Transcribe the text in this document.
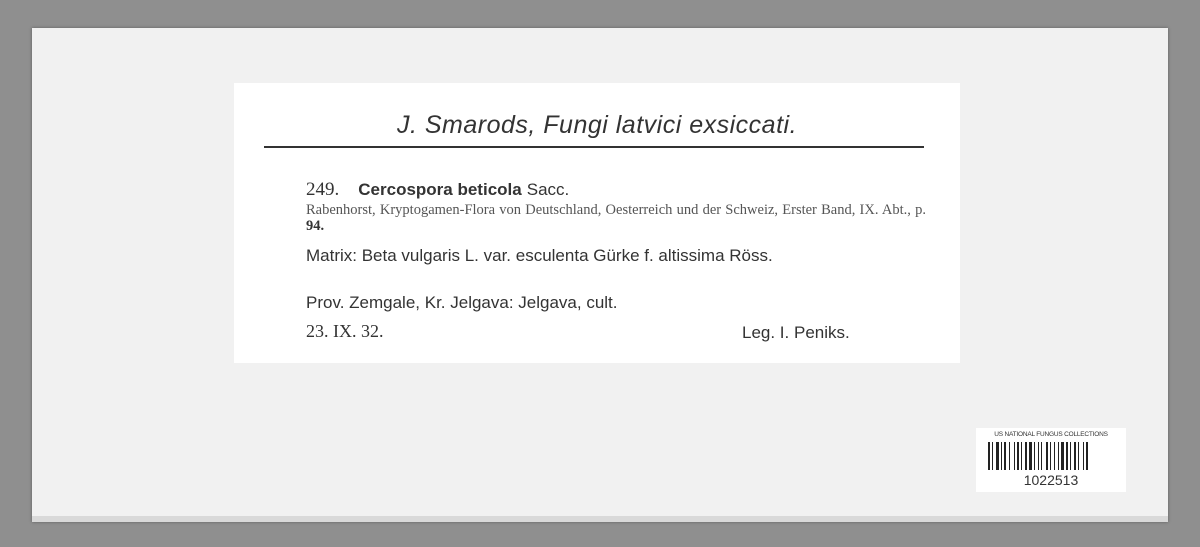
J. Smarods, Fungi latvici exsiccati.
249. Cercospora beticola Sacc.
Rabenhorst, Kryptogamen-Flora von Deutschland, Oesterreich und der Schweiz, Erster Band, IX. Abt., p. 94.
Matrix: Beta vulgaris L. var. esculenta Gürke f. altissima Röss.
Prov. Zemgale, Kr. Jelgava: Jelgava, cult.
23. IX. 32.	Leg. I. Peniks.
US NATIONAL FUNGUS COLLECTIONS
1022513
